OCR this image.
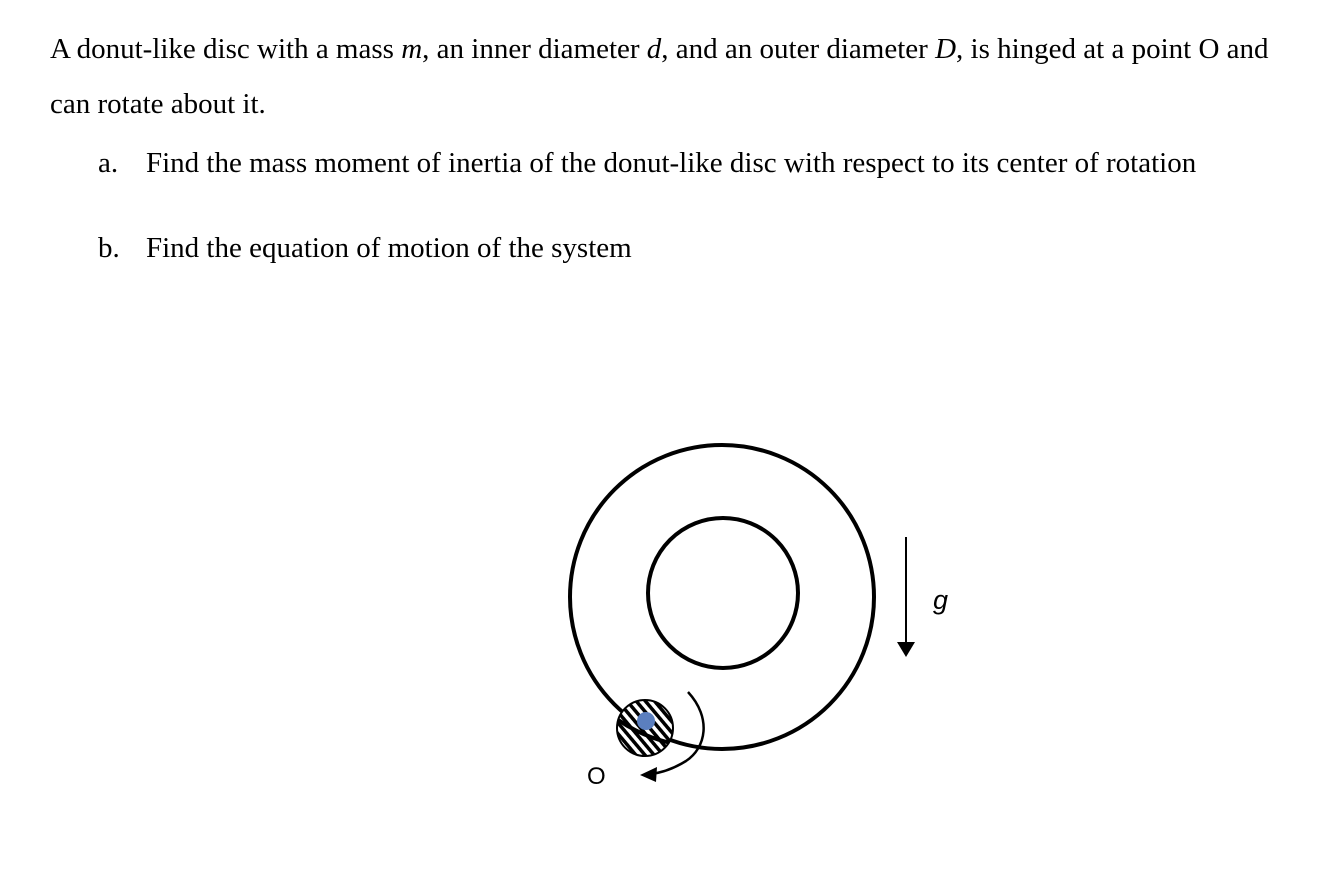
A donut-like disc with a mass m, an inner diameter d, and an outer diameter D, is hinged at a point O and can rotate about it.

a. Find the mass moment of inertia of the donut-like disc with respect to its center of rotation
b. Find the equation of motion of the system
g
O
